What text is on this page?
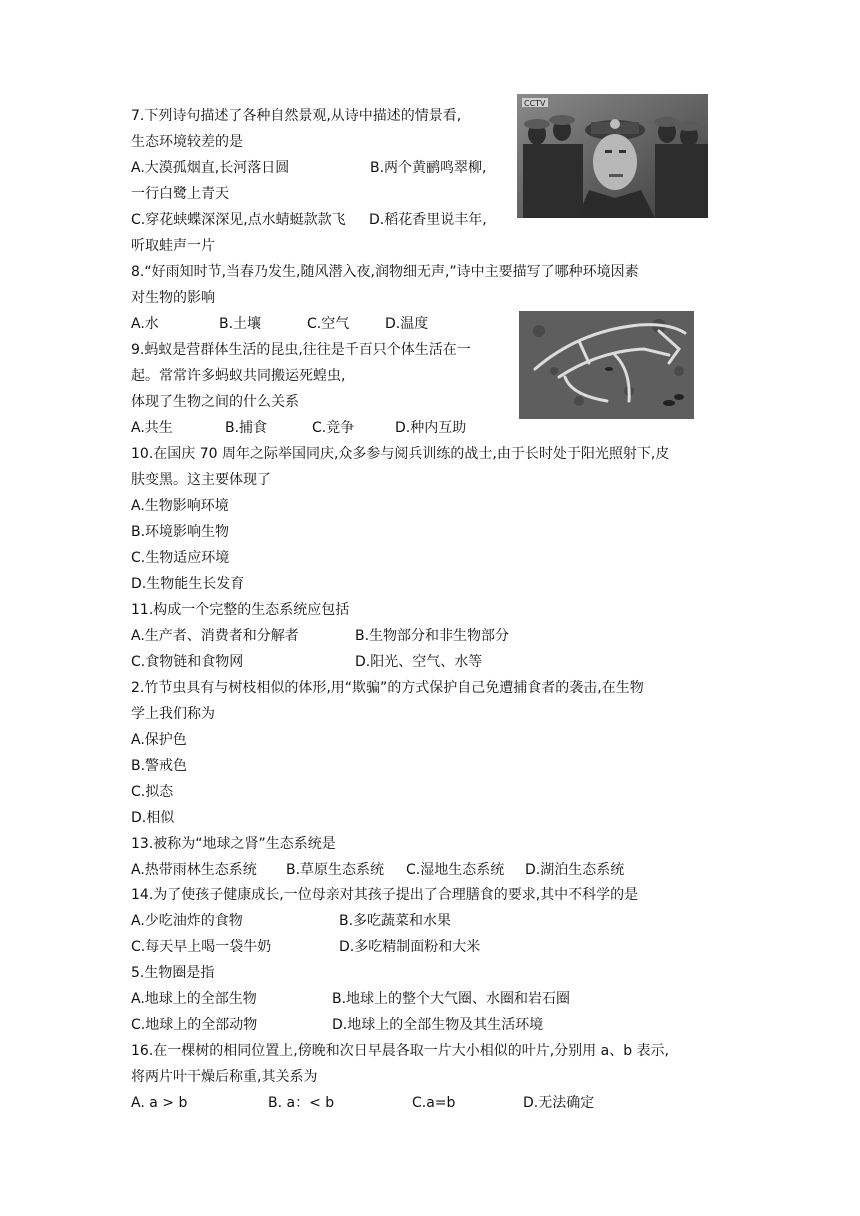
7.下列诗句描述了各种自然景观,从诗中描述的情景看,
生态环境较差的是
A.大漠孤烟直,长河落日圆	B.两个黄鹂鸣翠柳,
一行白鹭上青天
C.穿花蛱蝶深深见,点水蜻蜓款款飞 D.稻花香里说丰年,
听取蛙声一片
CCTV
8.“好雨知时节,当春乃发生,随风潜入夜,润物细无声,”诗中主要描写了哪种环境因素
对生物的影响
A.水	B.土壤	C.空气	D.温度
9.蚂蚁是营群体生活的昆虫,往往是千百只个体生活在一
起。常常许多蚂蚁共同搬运死蝗虫,
体现了生物之间的什么关系
A.共生	B.捕食	C.竞争	D.种内互助
10.在国庆 70 周年之际举国同庆,众多参与阅兵训练的战士,由于长时处于阳光照射下,皮
肤变黑。这主要体现了
A.生物影响环境
B.环境影响生物
C.生物适应环境
D.生物能生长发育
11.构成一个完整的生态系统应包括
A.生产者、消费者和分解者	B.生物部分和非生物部分
C.食物链和食物网	D.阳光、空气、水等
2.竹节虫具有与树枝相似的体形,用“欺骗”的方式保护自己免遭捕食者的袭击,在生物
学上我们称为
A.保护色
B.警戒色
C.拟态
D.相似
13.被称为“地球之肾”生态系统是
A.热带雨林生态系统 B.草原生态系统 C.湿地生态系统 D.湖泊生态系统
14.为了使孩子健康成长,一位母亲对其孩子提出了合理膳食的要求,其中不科学的是
A.少吃油炸的食物	B.多吃蔬菜和水果
C.每天早上喝一袋牛奶	D.多吃精制面粉和大米
5.生物圈是指
A.地球上的全部生物	B.地球上的整个大气圈、水圈和岩石圈
C.地球上的全部动物	D.地球上的全部生物及其生活环境
16.在一棵树的相同位置上,傍晚和次日早晨各取一片大小相似的叶片,分别用 a、b 表示,
将两片叶干燥后称重,其关系为
A. a > b	B. a：< b	C.a=b	D.无法确定
